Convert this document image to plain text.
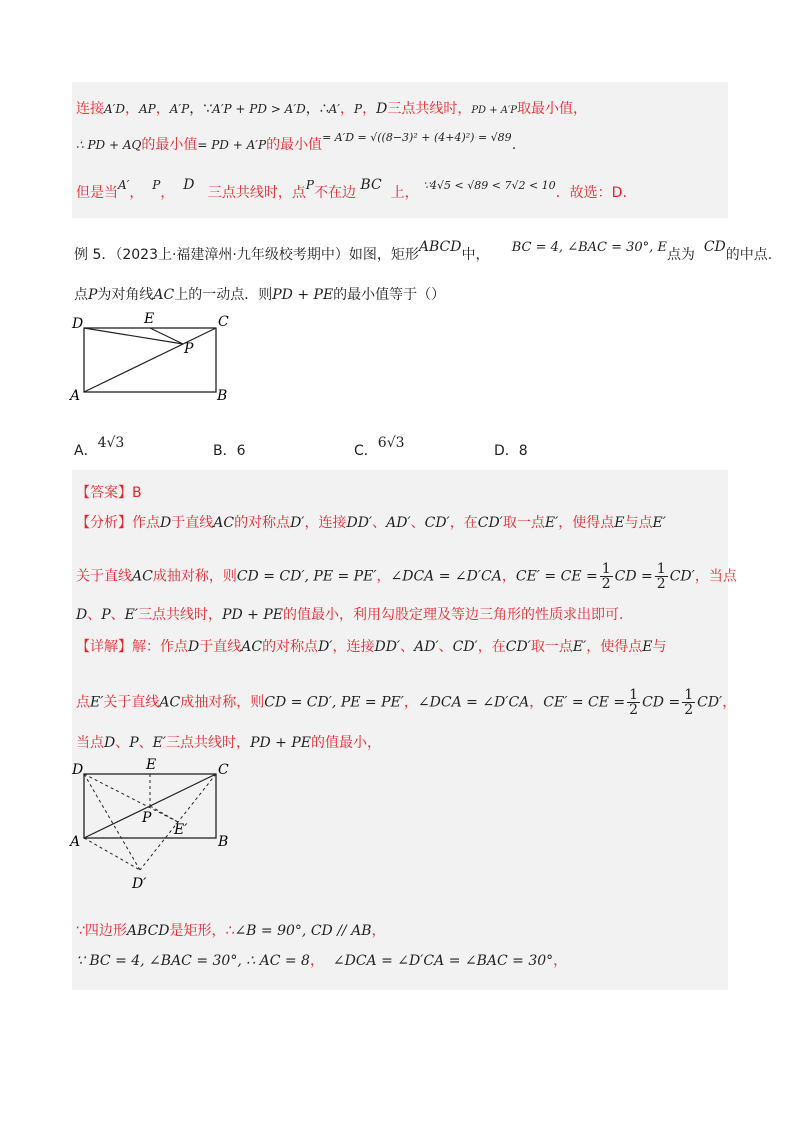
连接A′D，AP，A′P，∵A′P + PD > A′D，∴A′，P，D三点共线时，PD + A′P取最小值，
∴ PD + AQ的最小值= PD + A′P的最小值$^{= A'D = √((8-3)^2 + (4+4)^2) = √89}$.
但是当A′， P， D 三点共线时，点P不在边 BC 上， $^{\because 4√5 < √89 < 7√2 < 10}$．故选：D.
例 5．（2023上·福建漳州·九年级校考期中）如图，矩形ABCD中， BC = 4, ∠BAC = 30°, E点为 CD的中点.
点P为对角线AC上的一动点．则PD + PE的最小值等于（）
D	E	C
P
A	B
A．4√3	B．6	C．6√3	D．8
【答案】B
【分析】作点D于直线AC的对称点D′，连接DD′、AD′、CD′，在CD′取一点E′，使得点E与点E′
关于直线AC成抽对称，则CD = CD′, PE = PE′，∠DCA = ∠D′CA，CE′ = CE = $\frac{1}{2}$ CD = $\frac{1}{2} CD'$，当点
D、P、E′三点共线时，PD + PE的值最小，利用勾股定理及等边三角形的性质求出即可.
【详解】解：作点D于直线AC的对称点D′，连接DD′、AD′、CD′，在CD′取一点E′，使得点E与
点E′关于直线AC成抽对称，则CD = CD′, PE = PE′，∠DCA = ∠D′CA，CE′ = CE = $\frac{1}{2}$ CD = $\frac{1}{2} CD'$，
当点D、P、E′三点共线时，PD + PE的值最小，
D	E	C
P
E′
A	B
D′
∵四边形ABCD是矩形，∴∠B = 90°, CD // AB，
∵ BC = 4, ∠BAC = 30°, ∴ AC = 8， ∠DCA = ∠D′CA = ∠BAC = 30°，
